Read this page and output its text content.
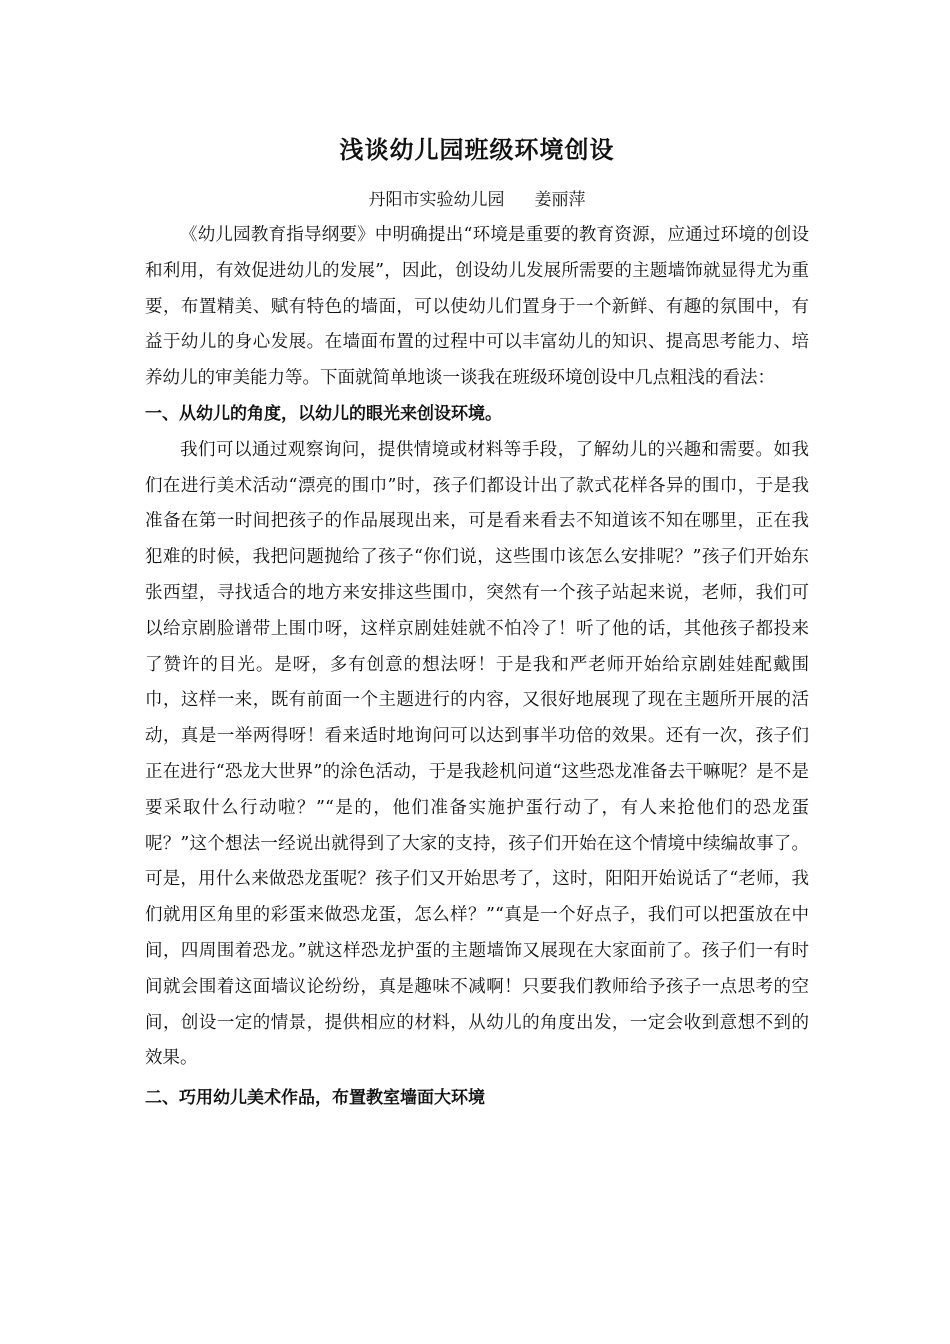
浅谈幼儿园班级环境创设
丹阳市实验幼儿园 姜丽萍

《幼儿园教育指导纲要》中明确提出“环境是重要的教育资源，应通过环境的创设和利用，有效促进幼儿的发展”，因此，创设幼儿发展所需要的主题墙饰就显得尤为重要，布置精美、赋有特色的墙面，可以使幼儿们置身于一个新鲜、有趣的氛围中，有益于幼儿的身心发展。在墙面布置的过程中可以丰富幼儿的知识、提高思考能力、培养幼儿的审美能力等。下面就简单地谈一谈我在班级环境创设中几点粗浅的看法：

一、从幼儿的角度，以幼儿的眼光来创设环境。

我们可以通过观察询问，提供情境或材料等手段，了解幼儿的兴趣和需要。如我们在进行美术活动“漂亮的围巾”时，孩子们都设计出了款式花样各异的围巾，于是我准备在第一时间把孩子的作品展现出来，可是看来看去不知道该不知在哪里，正在我犯难的时候，我把问题抛给了孩子“你们说，这些围巾该怎么安排呢？”孩子们开始东张西望，寻找适合的地方来安排这些围巾，突然有一个孩子站起来说，老师，我们可以给京剧脸谱带上围巾呀，这样京剧娃娃就不怕冷了！听了他的话，其他孩子都投来了赞许的目光。是呀，多有创意的想法呀！于是我和严老师开始给京剧娃娃配戴围巾，这样一来，既有前面一个主题进行的内容，又很好地展现了现在主题所开展的活动，真是一举两得呀！看来适时地询问可以达到事半功倍的效果。还有一次，孩子们正在进行“恐龙大世界”的涂色活动，于是我趁机问道“这些恐龙准备去干嘛呢？是不是要采取什么行动啦？”“是的，他们准备实施护蛋行动了，有人来抢他们的恐龙蛋呢？”这个想法一经说出就得到了大家的支持，孩子们开始在这个情境中续编故事了。可是，用什么来做恐龙蛋呢？孩子们又开始思考了，这时，阳阳开始说话了“老师，我们就用区角里的彩蛋来做恐龙蛋，怎么样？”“真是一个好点子，我们可以把蛋放在中间，四周围着恐龙。”就这样恐龙护蛋的主题墙饰又展现在大家面前了。孩子们一有时间就会围着这面墙议论纷纷，真是趣味不减啊！只要我们教师给予孩子一点思考的空间，创设一定的情景，提供相应的材料，从幼儿的角度出发，一定会收到意想不到的效果。

二、巧用幼儿美术作品，布置教室墙面大环境
